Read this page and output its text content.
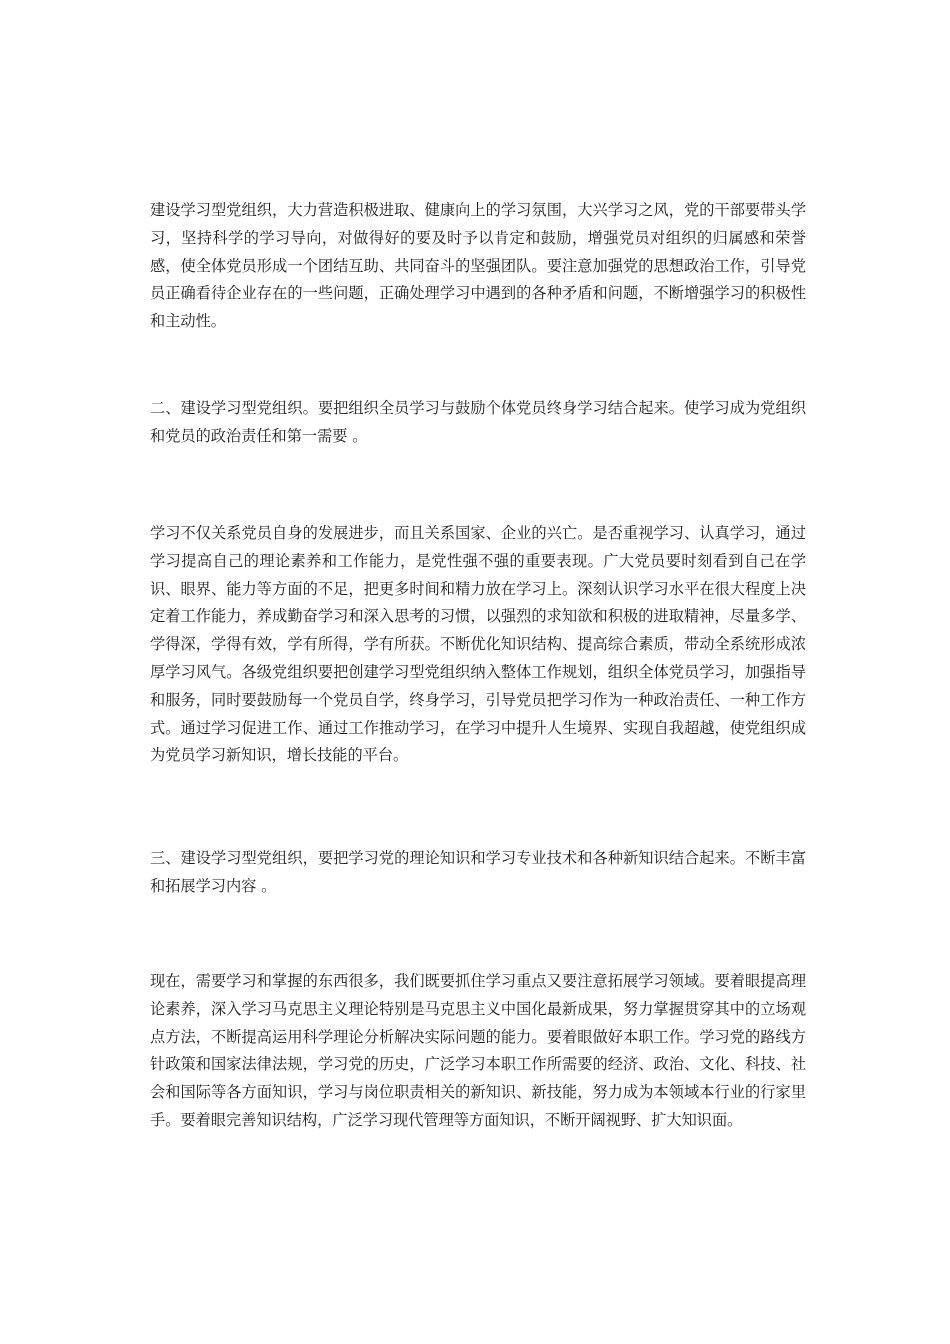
建设学习型党组织，大力营造积极进取、健康向上的学习氛围，大兴学习之风，党的干部要带头学习，坚持科学的学习导向，对做得好的要及时予以肯定和鼓励，增强党员对组织的归属感和荣誉感，使全体党员形成一个团结互助、共同奋斗的坚强团队。要注意加强党的思想政治工作，引导党员正确看待企业存在的一些问题，正确处理学习中遇到的各种矛盾和问题，不断增强学习的积极性和主动性。

二、建设学习型党组织。要把组织全员学习与鼓励个体党员终身学习结合起来。使学习成为党组织和党员的政治责任和第一需要 。

学习不仅关系党员自身的发展进步，而且关系国家、企业的兴亡。是否重视学习、认真学习，通过学习提高自己的理论素养和工作能力，是党性强不强的重要表现。广大党员要时刻看到自己在学识、眼界、能力等方面的不足，把更多时间和精力放在学习上。深刻认识学习水平在很大程度上决定着工作能力，养成勤奋学习和深入思考的习惯，以强烈的求知欲和积极的进取精神，尽量多学、学得深，学得有效，学有所得，学有所获。不断优化知识结构、提高综合素质，带动全系统形成浓厚学习风气。各级党组织要把创建学习型党组织纳入整体工作规划，组织全体党员学习，加强指导和服务，同时要鼓励每一个党员自学，终身学习，引导党员把学习作为一种政治责任、一种工作方式。通过学习促进工作、通过工作推动学习，在学习中提升人生境界、实现自我超越，使党组织成为党员学习新知识，增长技能的平台。

三、建设学习型党组织，要把学习党的理论知识和学习专业技术和各种新知识结合起来。不断丰富和拓展学习内容 。

现在，需要学习和掌握的东西很多，我们既要抓住学习重点又要注意拓展学习领域。要着眼提高理论素养，深入学习马克思主义理论特别是马克思主义中国化最新成果，努力掌握贯穿其中的立场观点方法，不断提高运用科学理论分析解决实际问题的能力。要着眼做好本职工作。学习党的路线方针政策和国家法律法规，学习党的历史，广泛学习本职工作所需要的经济、政治、文化、科技、社会和国际等各方面知识，学习与岗位职责相关的新知识、新技能，努力成为本领域本行业的行家里手。要着眼完善知识结构，广泛学习现代管理等方面知识，不断开阔视野、扩大知识面。
